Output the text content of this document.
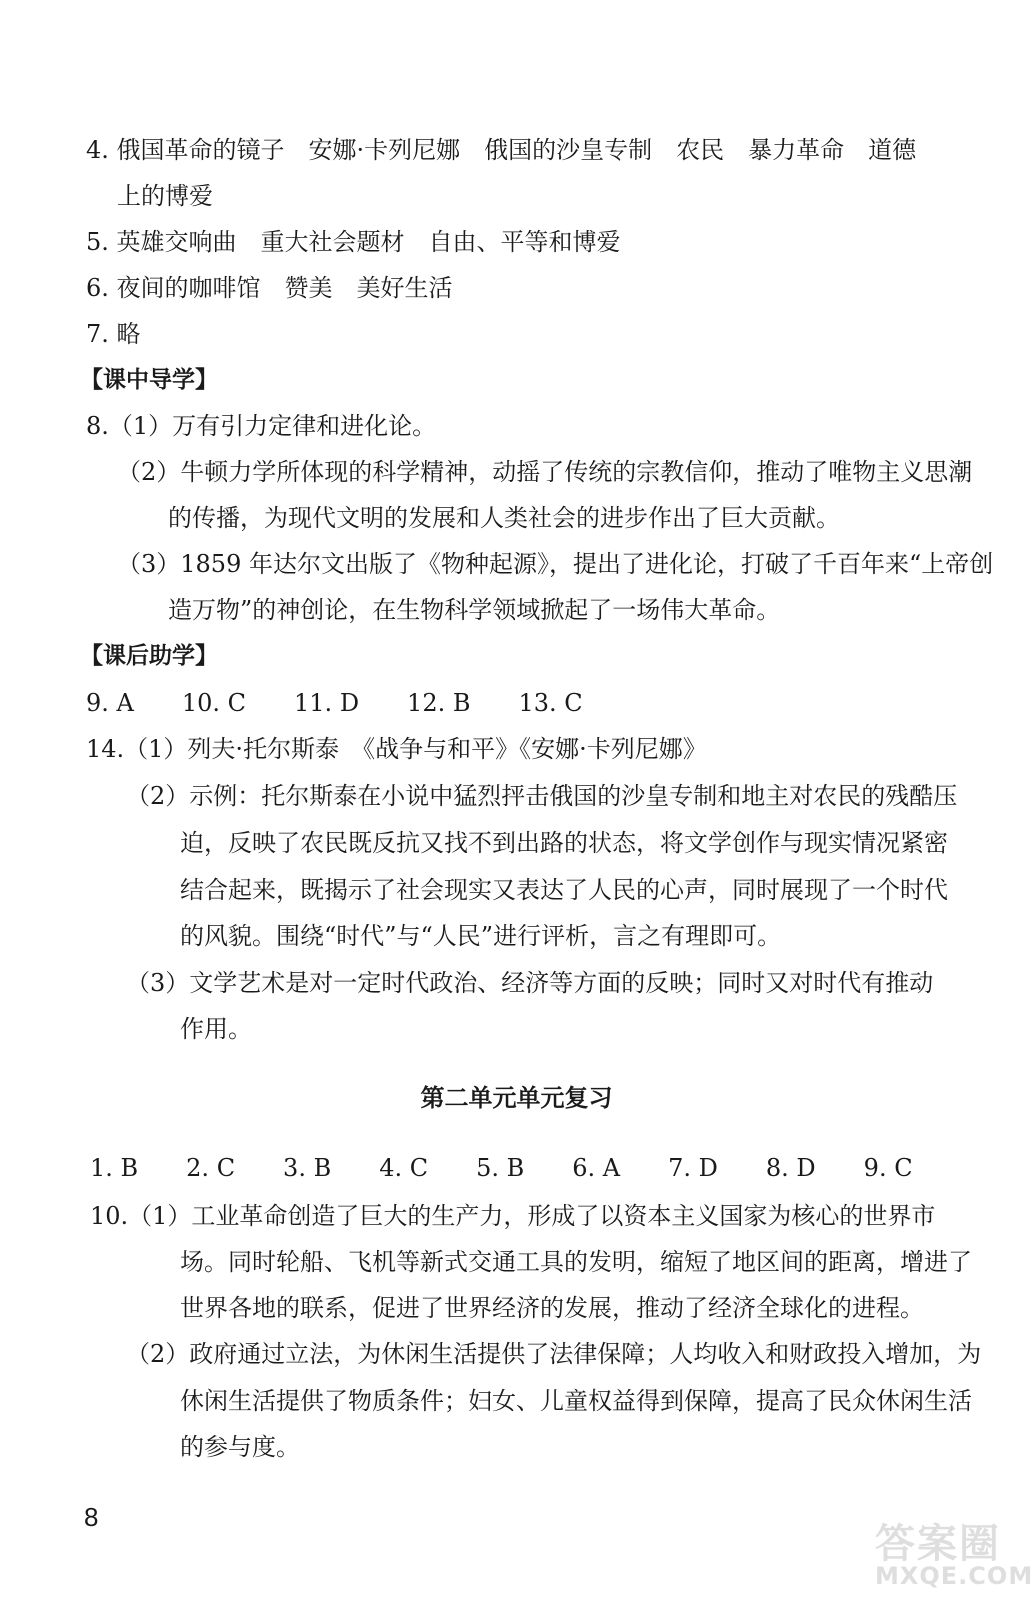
4. 俄国革命的镜子　安娜·卡列尼娜　俄国的沙皇专制　农民　暴力革命　道德
上的博爱
5. 英雄交响曲　重大社会题材　自由、平等和博爱
6. 夜间的咖啡馆　赞美　美好生活
7. 略
【课中导学】
8.（1）万有引力定律和进化论。
（2）牛顿力学所体现的科学精神，动摇了传统的宗教信仰，推动了唯物主义思潮
的传播，为现代文明的发展和人类社会的进步作出了巨大贡献。
（3）1859 年达尔文出版了《物种起源》，提出了进化论，打破了千百年来“上帝创
造万物”的神创论，在生物科学领域掀起了一场伟大革命。
【课后助学】
9. A　　10. C　　11. D　　12. B　　13. C
14.（1）列夫·托尔斯泰　《战争与和平》《安娜·卡列尼娜》
（2）示例：托尔斯泰在小说中猛烈抨击俄国的沙皇专制和地主对农民的残酷压
迫，反映了农民既反抗又找不到出路的状态，将文学创作与现实情况紧密
结合起来，既揭示了社会现实又表达了人民的心声，同时展现了一个时代
的风貌。围绕“时代”与“人民”进行评析，言之有理即可。
（3）文学艺术是对一定时代政治、经济等方面的反映；同时又对时代有推动
作用。
第二单元单元复习
1. B　　2. C　　3. B　　4. C　　5. B　　6. A　　7. D　　8. D　　9. C
10.（1）工业革命创造了巨大的生产力，形成了以资本主义国家为核心的世界市
场。同时轮船、飞机等新式交通工具的发明，缩短了地区间的距离，增进了
世界各地的联系，促进了世界经济的发展，推动了经济全球化的进程。
（2）政府通过立法，为休闲生活提供了法律保障；人均收入和财政投入增加，为
休闲生活提供了物质条件；妇女、儿童权益得到保障，提高了民众休闲生活
的参与度。
8
答案圈
MXQE.COM
